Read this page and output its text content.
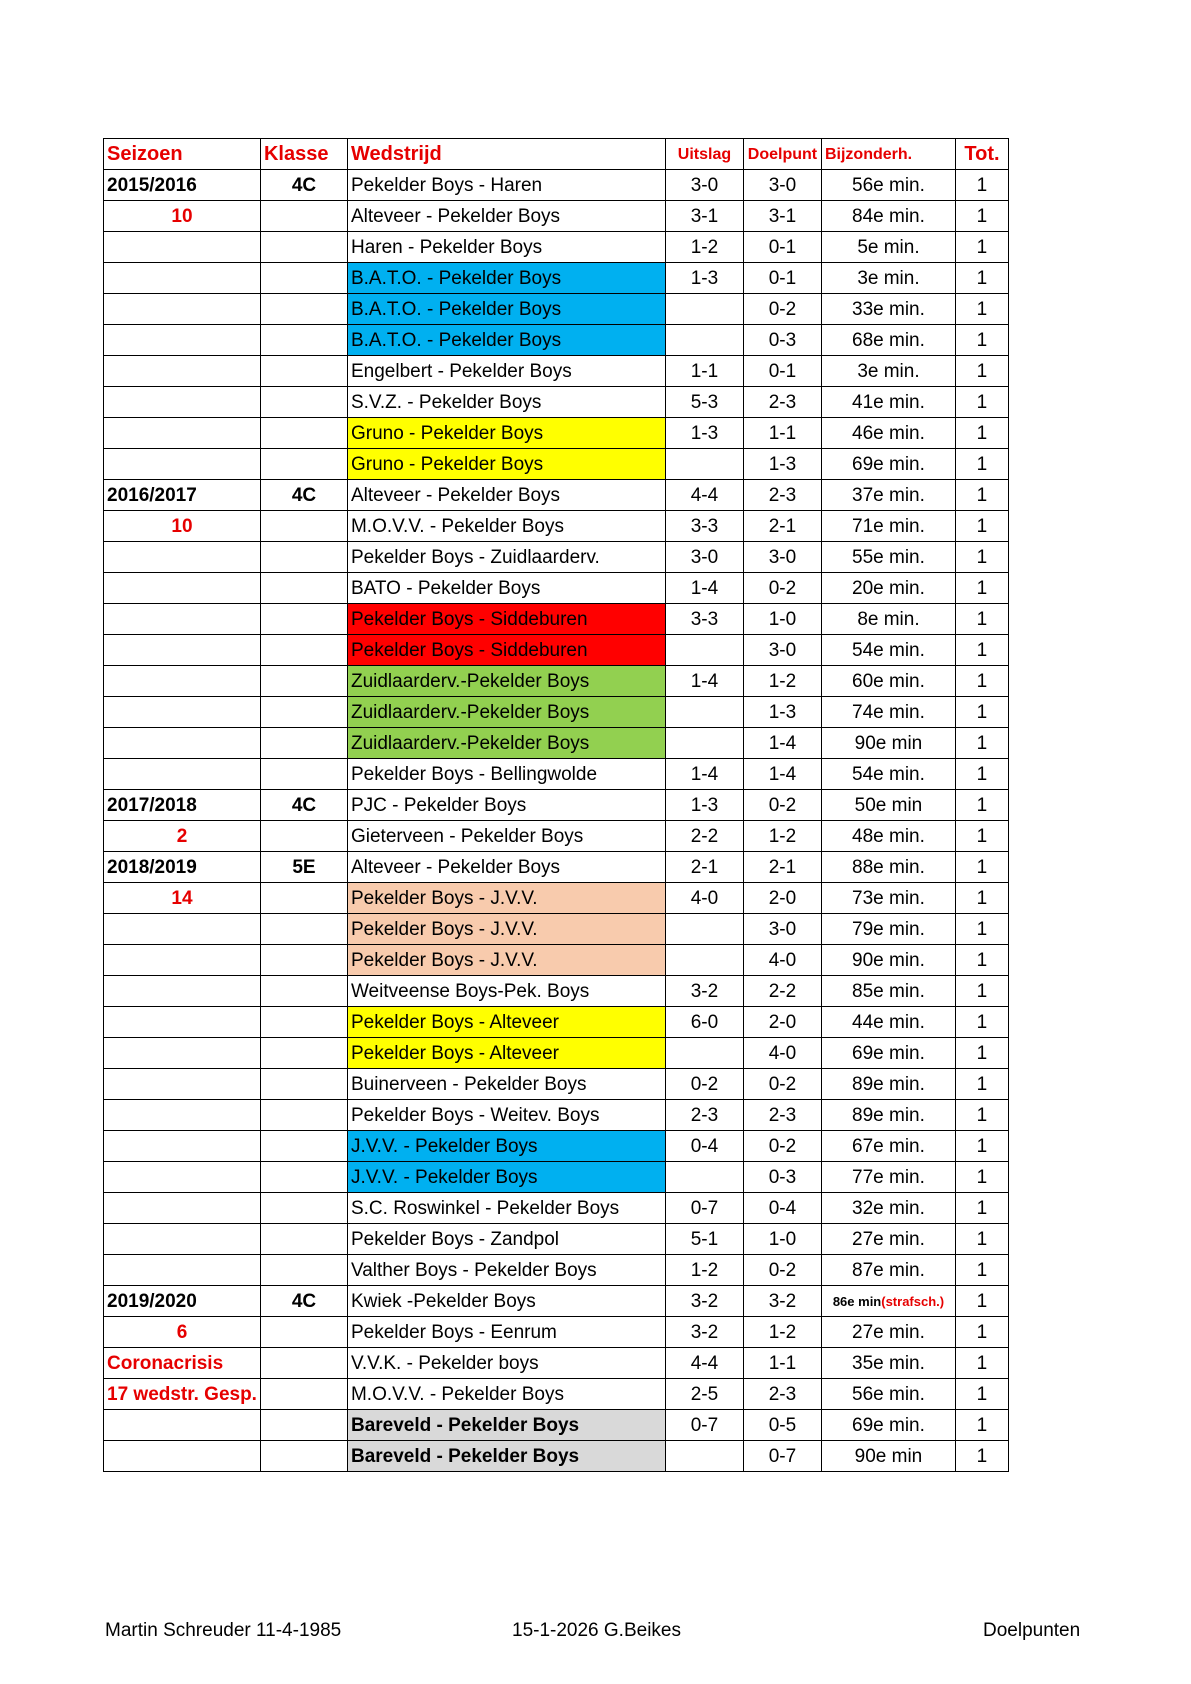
Seizoen	Klasse	Wedstrijd	Uitslag	Doelpunt	Bijzonderh.	Tot.
2015/2016	4C	Pekelder Boys - Haren	3-0	3-0	56e min.	1
10		Alteveer - Pekelder Boys	3-1	3-1	84e min.	1
		Haren - Pekelder Boys	1-2	0-1	5e min.	1
		B.A.T.O. - Pekelder Boys	1-3	0-1	3e min.	1
		B.A.T.O. - Pekelder Boys		0-2	33e min.	1
		B.A.T.O. - Pekelder Boys		0-3	68e min.	1
		Engelbert - Pekelder Boys	1-1	0-1	3e min.	1
		S.V.Z. - Pekelder Boys	5-3	2-3	41e min.	1
		Gruno - Pekelder Boys	1-3	1-1	46e min.	1
		Gruno - Pekelder Boys		1-3	69e min.	1
2016/2017	4C	Alteveer - Pekelder Boys	4-4	2-3	37e min.	1
10		M.O.V.V. - Pekelder Boys	3-3	2-1	71e min.	1
		Pekelder Boys - Zuidlaarderv.	3-0	3-0	55e min.	1
		BATO - Pekelder Boys	1-4	0-2	20e min.	1
		Pekelder Boys - Siddeburen	3-3	1-0	8e min.	1
		Pekelder Boys - Siddeburen		3-0	54e min.	1
		Zuidlaarderv.-Pekelder Boys	1-4	1-2	60e min.	1
		Zuidlaarderv.-Pekelder Boys		1-3	74e min.	1
		Zuidlaarderv.-Pekelder Boys		1-4	90e min	1
		Pekelder Boys - Bellingwolde	1-4	1-4	54e min.	1
2017/2018	4C	PJC - Pekelder Boys	1-3	0-2	50e min	1
2		Gieterveen - Pekelder Boys	2-2	1-2	48e min.	1
2018/2019	5E	Alteveer - Pekelder Boys	2-1	2-1	88e min.	1
14		Pekelder Boys - J.V.V.	4-0	2-0	73e min.	1
		Pekelder Boys - J.V.V.		3-0	79e min.	1
		Pekelder Boys - J.V.V.		4-0	90e min.	1
		Weitveense Boys-Pek. Boys	3-2	2-2	85e min.	1
		Pekelder Boys - Alteveer	6-0	2-0	44e min.	1
		Pekelder Boys - Alteveer		4-0	69e min.	1
		Buinerveen - Pekelder Boys	0-2	0-2	89e min.	1
		Pekelder Boys - Weitev. Boys	2-3	2-3	89e min.	1
		J.V.V. - Pekelder Boys	0-4	0-2	67e min.	1
		J.V.V. - Pekelder Boys		0-3	77e min.	1
		S.C. Roswinkel - Pekelder Boys	0-7	0-4	32e min.	1
		Pekelder Boys - Zandpol	5-1	1-0	27e min.	1
		Valther Boys - Pekelder Boys	1-2	0-2	87e min.	1
2019/2020	4C	Kwiek -Pekelder Boys	3-2	3-2	86e min(strafsch.)	1
6		Pekelder Boys - Eenrum	3-2	1-2	27e min.	1
Coronacrisis		V.V.K. - Pekelder boys	4-4	1-1	35e min.	1
17 wedstr. Gesp.		M.O.V.V. - Pekelder Boys	2-5	2-3	56e min.	1
		Bareveld - Pekelder Boys	0-7	0-5	69e min.	1
		Bareveld - Pekelder Boys		0-7	90e min	1
Martin Schreuder 11-4-1985	15-1-2026 G.Beikes	Doelpunten
